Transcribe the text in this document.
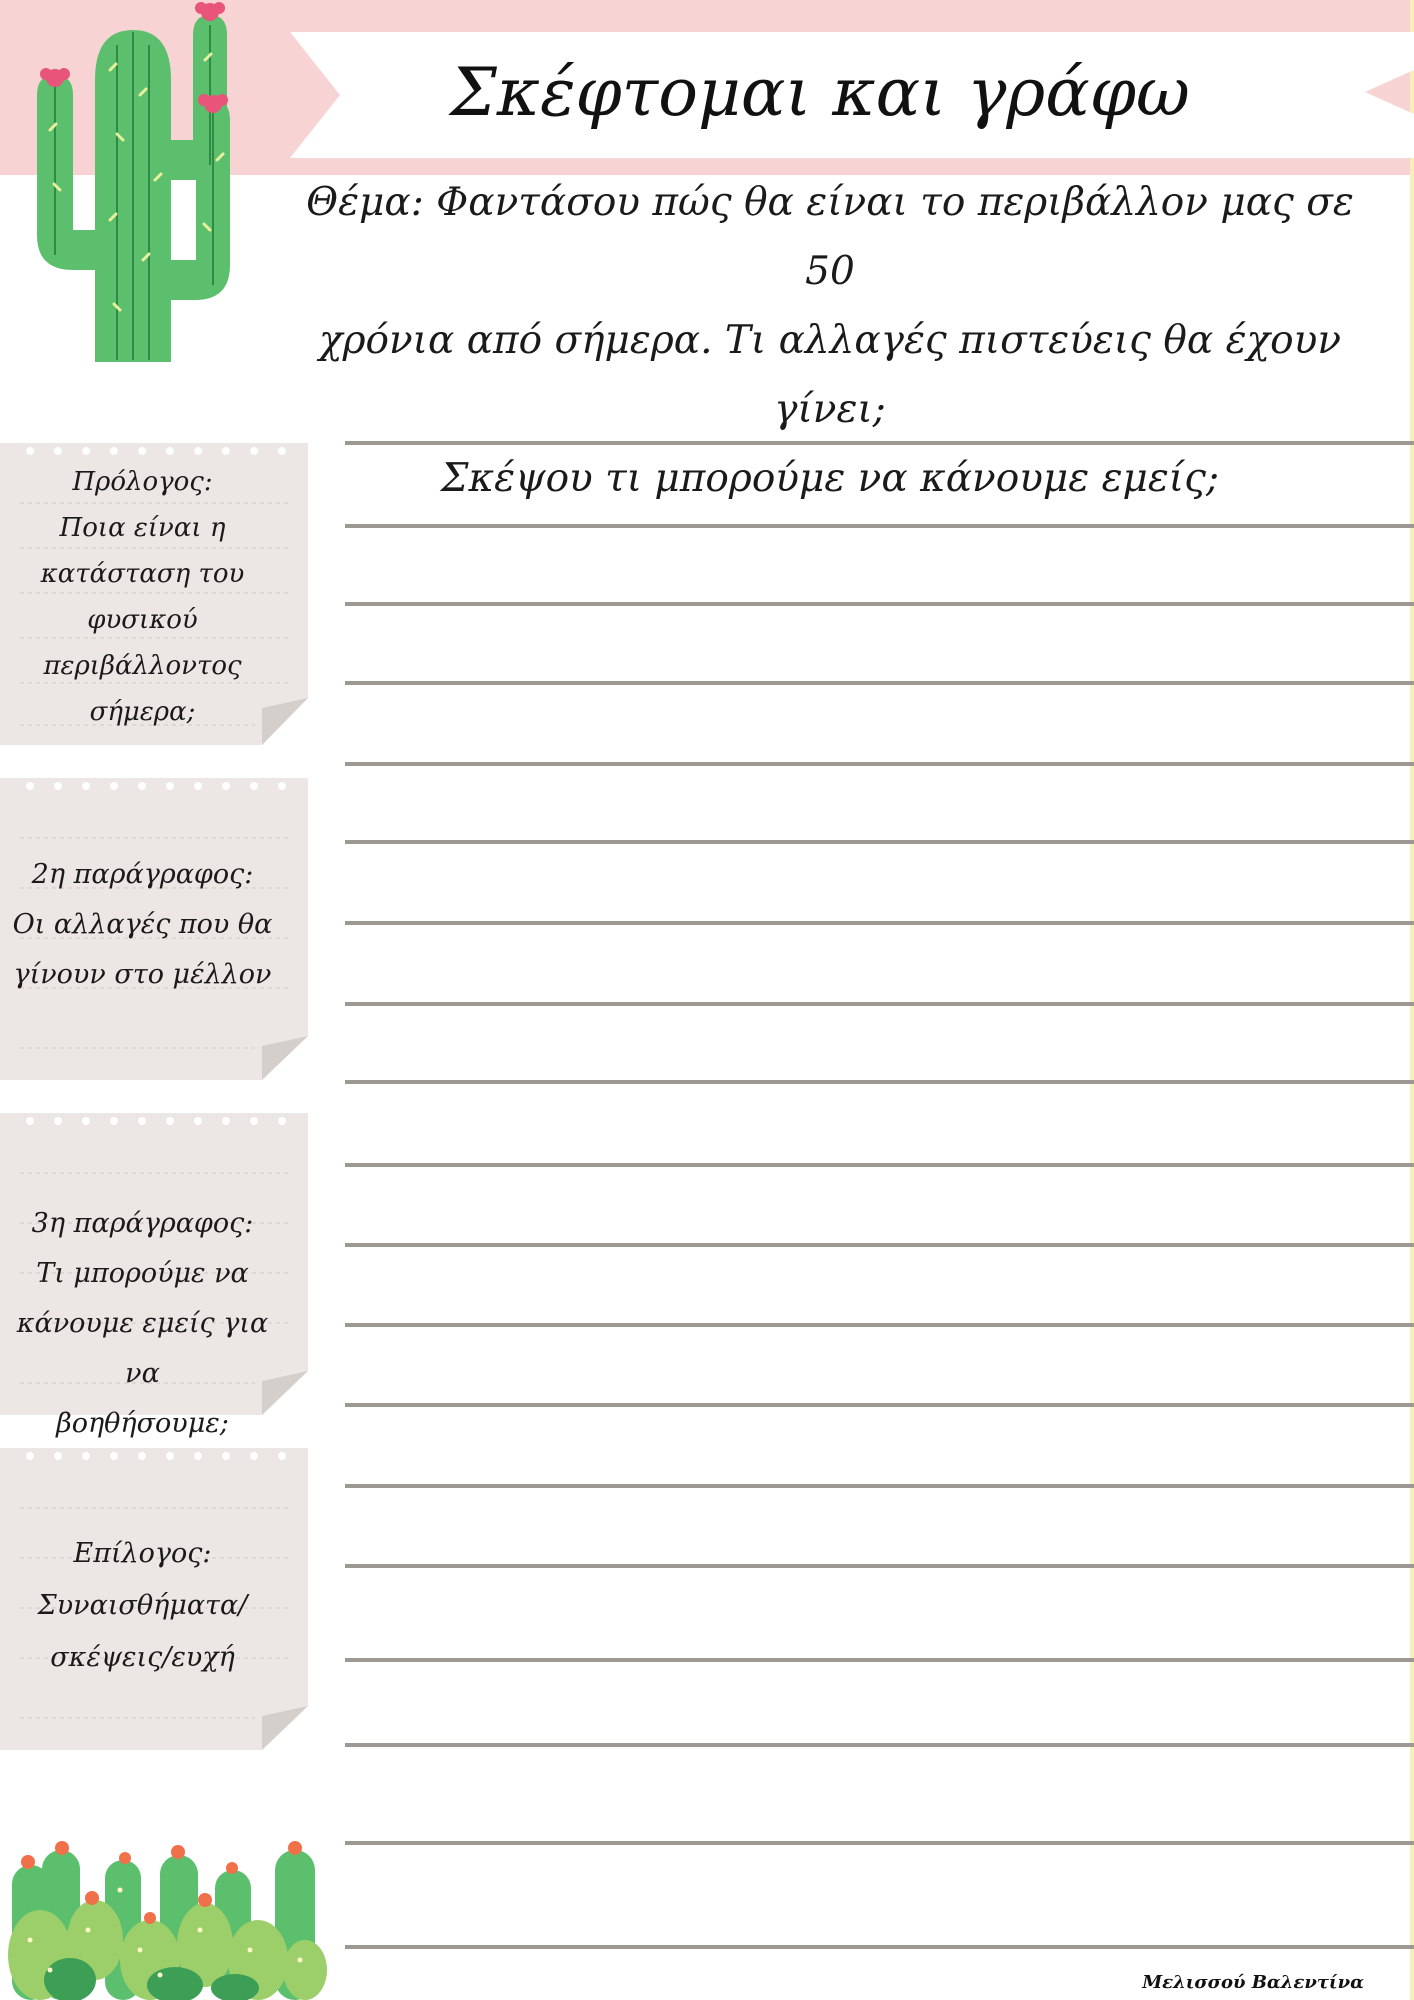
Σκέφτομαι και γράφω
Θέμα: Φαντάσου πώς θα είναι το περιβάλλον μας σε 50
χρόνια από σήμερα. Τι αλλαγές πιστεύεις θα έχουν γίνει;
Σκέψου τι μπορούμε να κάνουμε εμείς;
Πρόλογος:
Ποια είναι η
κατάσταση του
φυσικού
περιβάλλοντος
σήμερα;
2η παράγραφος:
Οι αλλαγές που θα
γίνουν στο μέλλον
3η παράγραφος:
Τι μπορούμε να
κάνουμε εμείς για να
βοηθήσουμε;
Επίλογος:
Συναισθήματα/
σκέψεις/ευχή
Μελισσού Βαλεντίνα
